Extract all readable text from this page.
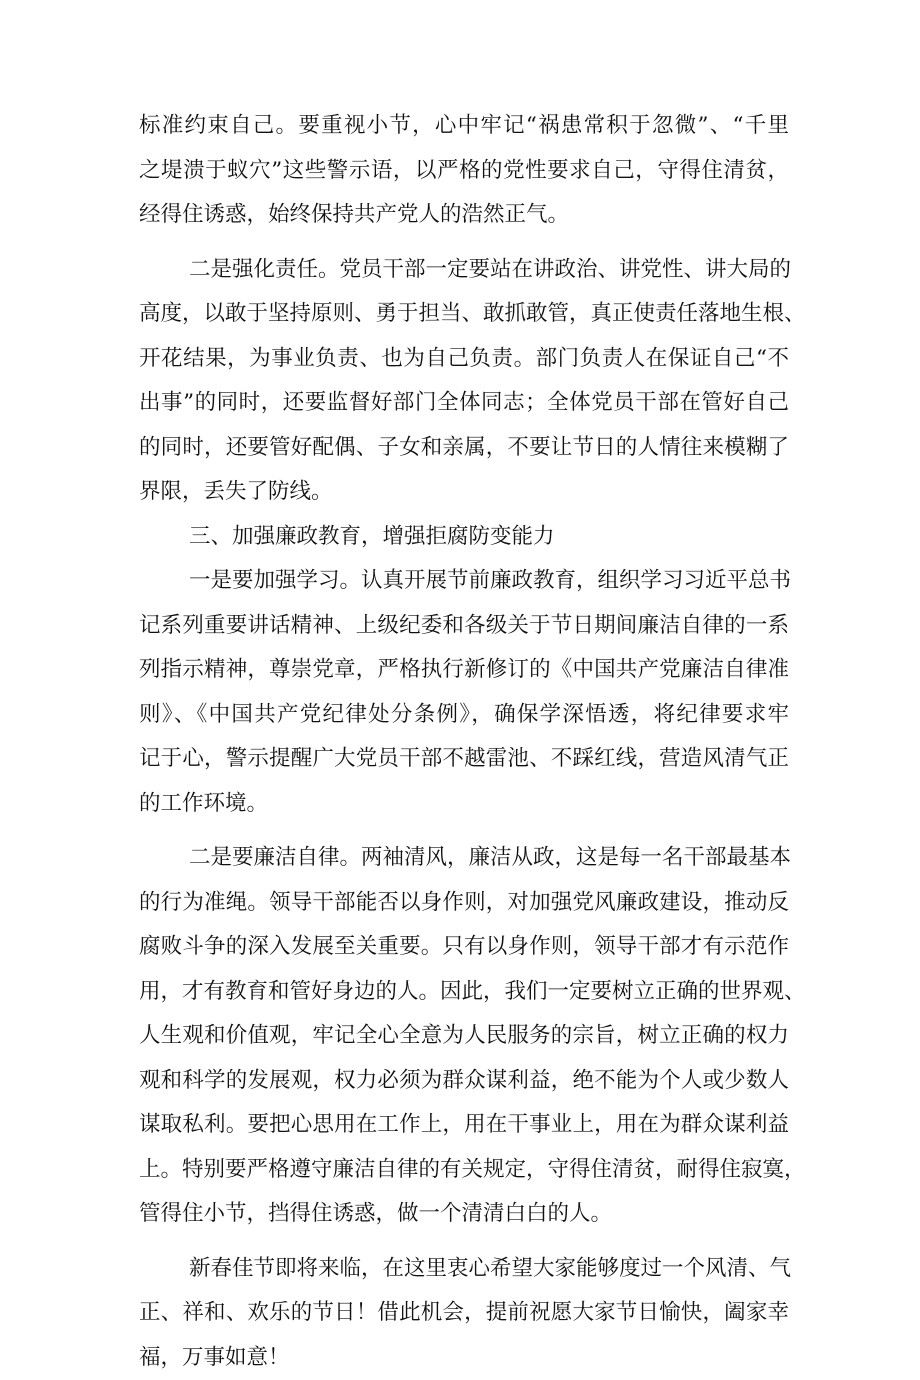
标准约束自己。要重视小节，心中牢记“祸患常积于忽微”、“千里
之堤溃于蚁穴”这些警示语，以严格的党性要求自己，守得住清贫，
经得住诱惑，始终保持共产党人的浩然正气。
二是强化责任。党员干部一定要站在讲政治、讲党性、讲大局的
高度，以敢于坚持原则、勇于担当、敢抓敢管，真正使责任落地生根、
开花结果，为事业负责、也为自己负责。部门负责人在保证自己“不
出事”的同时，还要监督好部门全体同志；全体党员干部在管好自己
的同时，还要管好配偶、子女和亲属，不要让节日的人情往来模糊了
界限，丢失了防线。
三、加强廉政教育，增强拒腐防变能力
一是要加强学习。认真开展节前廉政教育，组织学习习近平总书
记系列重要讲话精神、上级纪委和各级关于节日期间廉洁自律的一系
列指示精神，尊崇党章，严格执行新修订的《中国共产党廉洁自律准
则》、《中国共产党纪律处分条例》，确保学深悟透，将纪律要求牢
记于心，警示提醒广大党员干部不越雷池、不踩红线，营造风清气正
的工作环境。
二是要廉洁自律。两袖清风，廉洁从政，这是每一名干部最基本
的行为准绳。领导干部能否以身作则，对加强党风廉政建设，推动反
腐败斗争的深入发展至关重要。只有以身作则，领导干部才有示范作
用，才有教育和管好身边的人。因此，我们一定要树立正确的世界观、
人生观和价值观，牢记全心全意为人民服务的宗旨，树立正确的权力
观和科学的发展观，权力必须为群众谋利益，绝不能为个人或少数人
谋取私利。要把心思用在工作上，用在干事业上，用在为群众谋利益
上。特别要严格遵守廉洁自律的有关规定，守得住清贫，耐得住寂寞，
管得住小节，挡得住诱惑，做一个清清白白的人。
新春佳节即将来临，在这里衷心希望大家能够度过一个风清、气
正、祥和、欢乐的节日！借此机会，提前祝愿大家节日愉快，阖家幸
福，万事如意！
